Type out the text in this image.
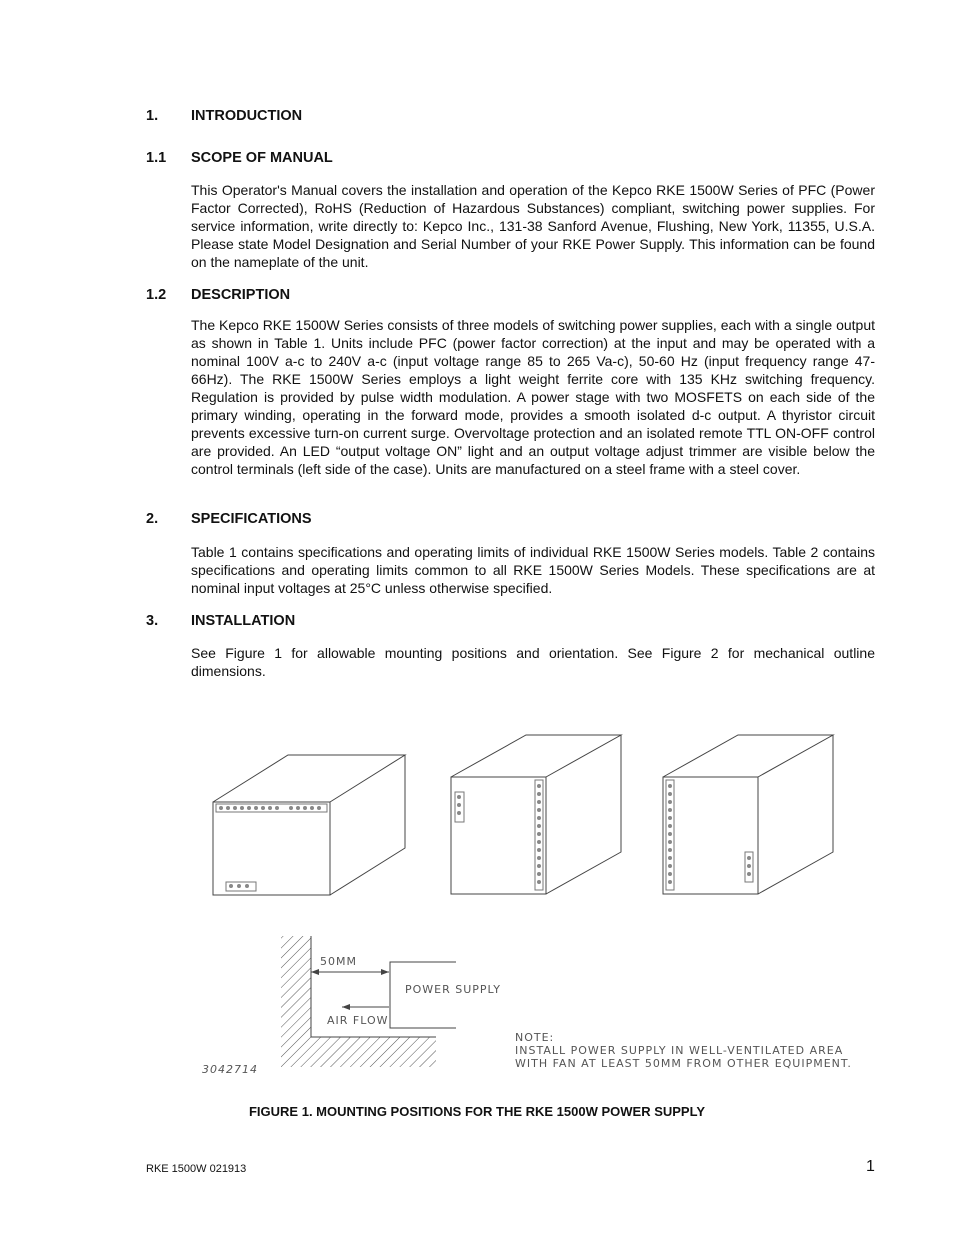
1. INTRODUCTION
1.1 SCOPE OF MANUAL
This Operator's Manual covers the installation and operation of the Kepco RKE 1500W Series of PFC (Power Factor Corrected), RoHS (Reduction of Hazardous Substances) compliant, switching power supplies. For service information, write directly to: Kepco Inc., 131-38 Sanford Avenue, Flushing, New York, 11355, U.S.A. Please state Model Designation and Serial Number of your RKE Power Supply. This information can be found on the nameplate of the unit.
1.2 DESCRIPTION
The Kepco RKE 1500W Series consists of three models of switching power supplies, each with a single output as shown in Table 1. Units include PFC (power factor correction) at the input and may be operated with a nominal 100V a-c to 240V a-c (input voltage range 85 to 265 Va-c), 50-60 Hz (input frequency range 47-66Hz). The RKE 1500W Series employs a light weight ferrite core with 135 KHz switching frequency. Regulation is provided by pulse width modulation. A power stage with two MOSFETS on each side of the primary winding, operating in the forward mode, provides a smooth isolated d-c output. A thyristor circuit prevents excessive turn-on current surge. Overvoltage protection and an isolated remote TTL ON-OFF control are provided. An LED “output voltage ON” light and an output voltage adjust trimmer are visible below the control terminals (left side of the case). Units are manufactured on a steel frame with a steel cover.
2. SPECIFICATIONS
Table 1 contains specifications and operating limits of individual RKE 1500W Series models. Table 2 contains specifications and operating limits common to all RKE 1500W Series Models. These specifications are at nominal input voltages at 25°C unless otherwise specified.
3. INSTALLATION
See Figure 1 for allowable mounting positions and orientation. See Figure 2 for mechanical outline dimensions.
50MM
POWER SUPPLY
AIR FLOW
NOTE:
INSTALL POWER SUPPLY IN WELL-VENTILATED AREA
WITH FAN AT LEAST 50MM FROM OTHER EQUIPMENT.
3042714
FIGURE 1. MOUNTING POSITIONS FOR THE RKE 1500W POWER SUPPLY
RKE 1500W 021913	1
